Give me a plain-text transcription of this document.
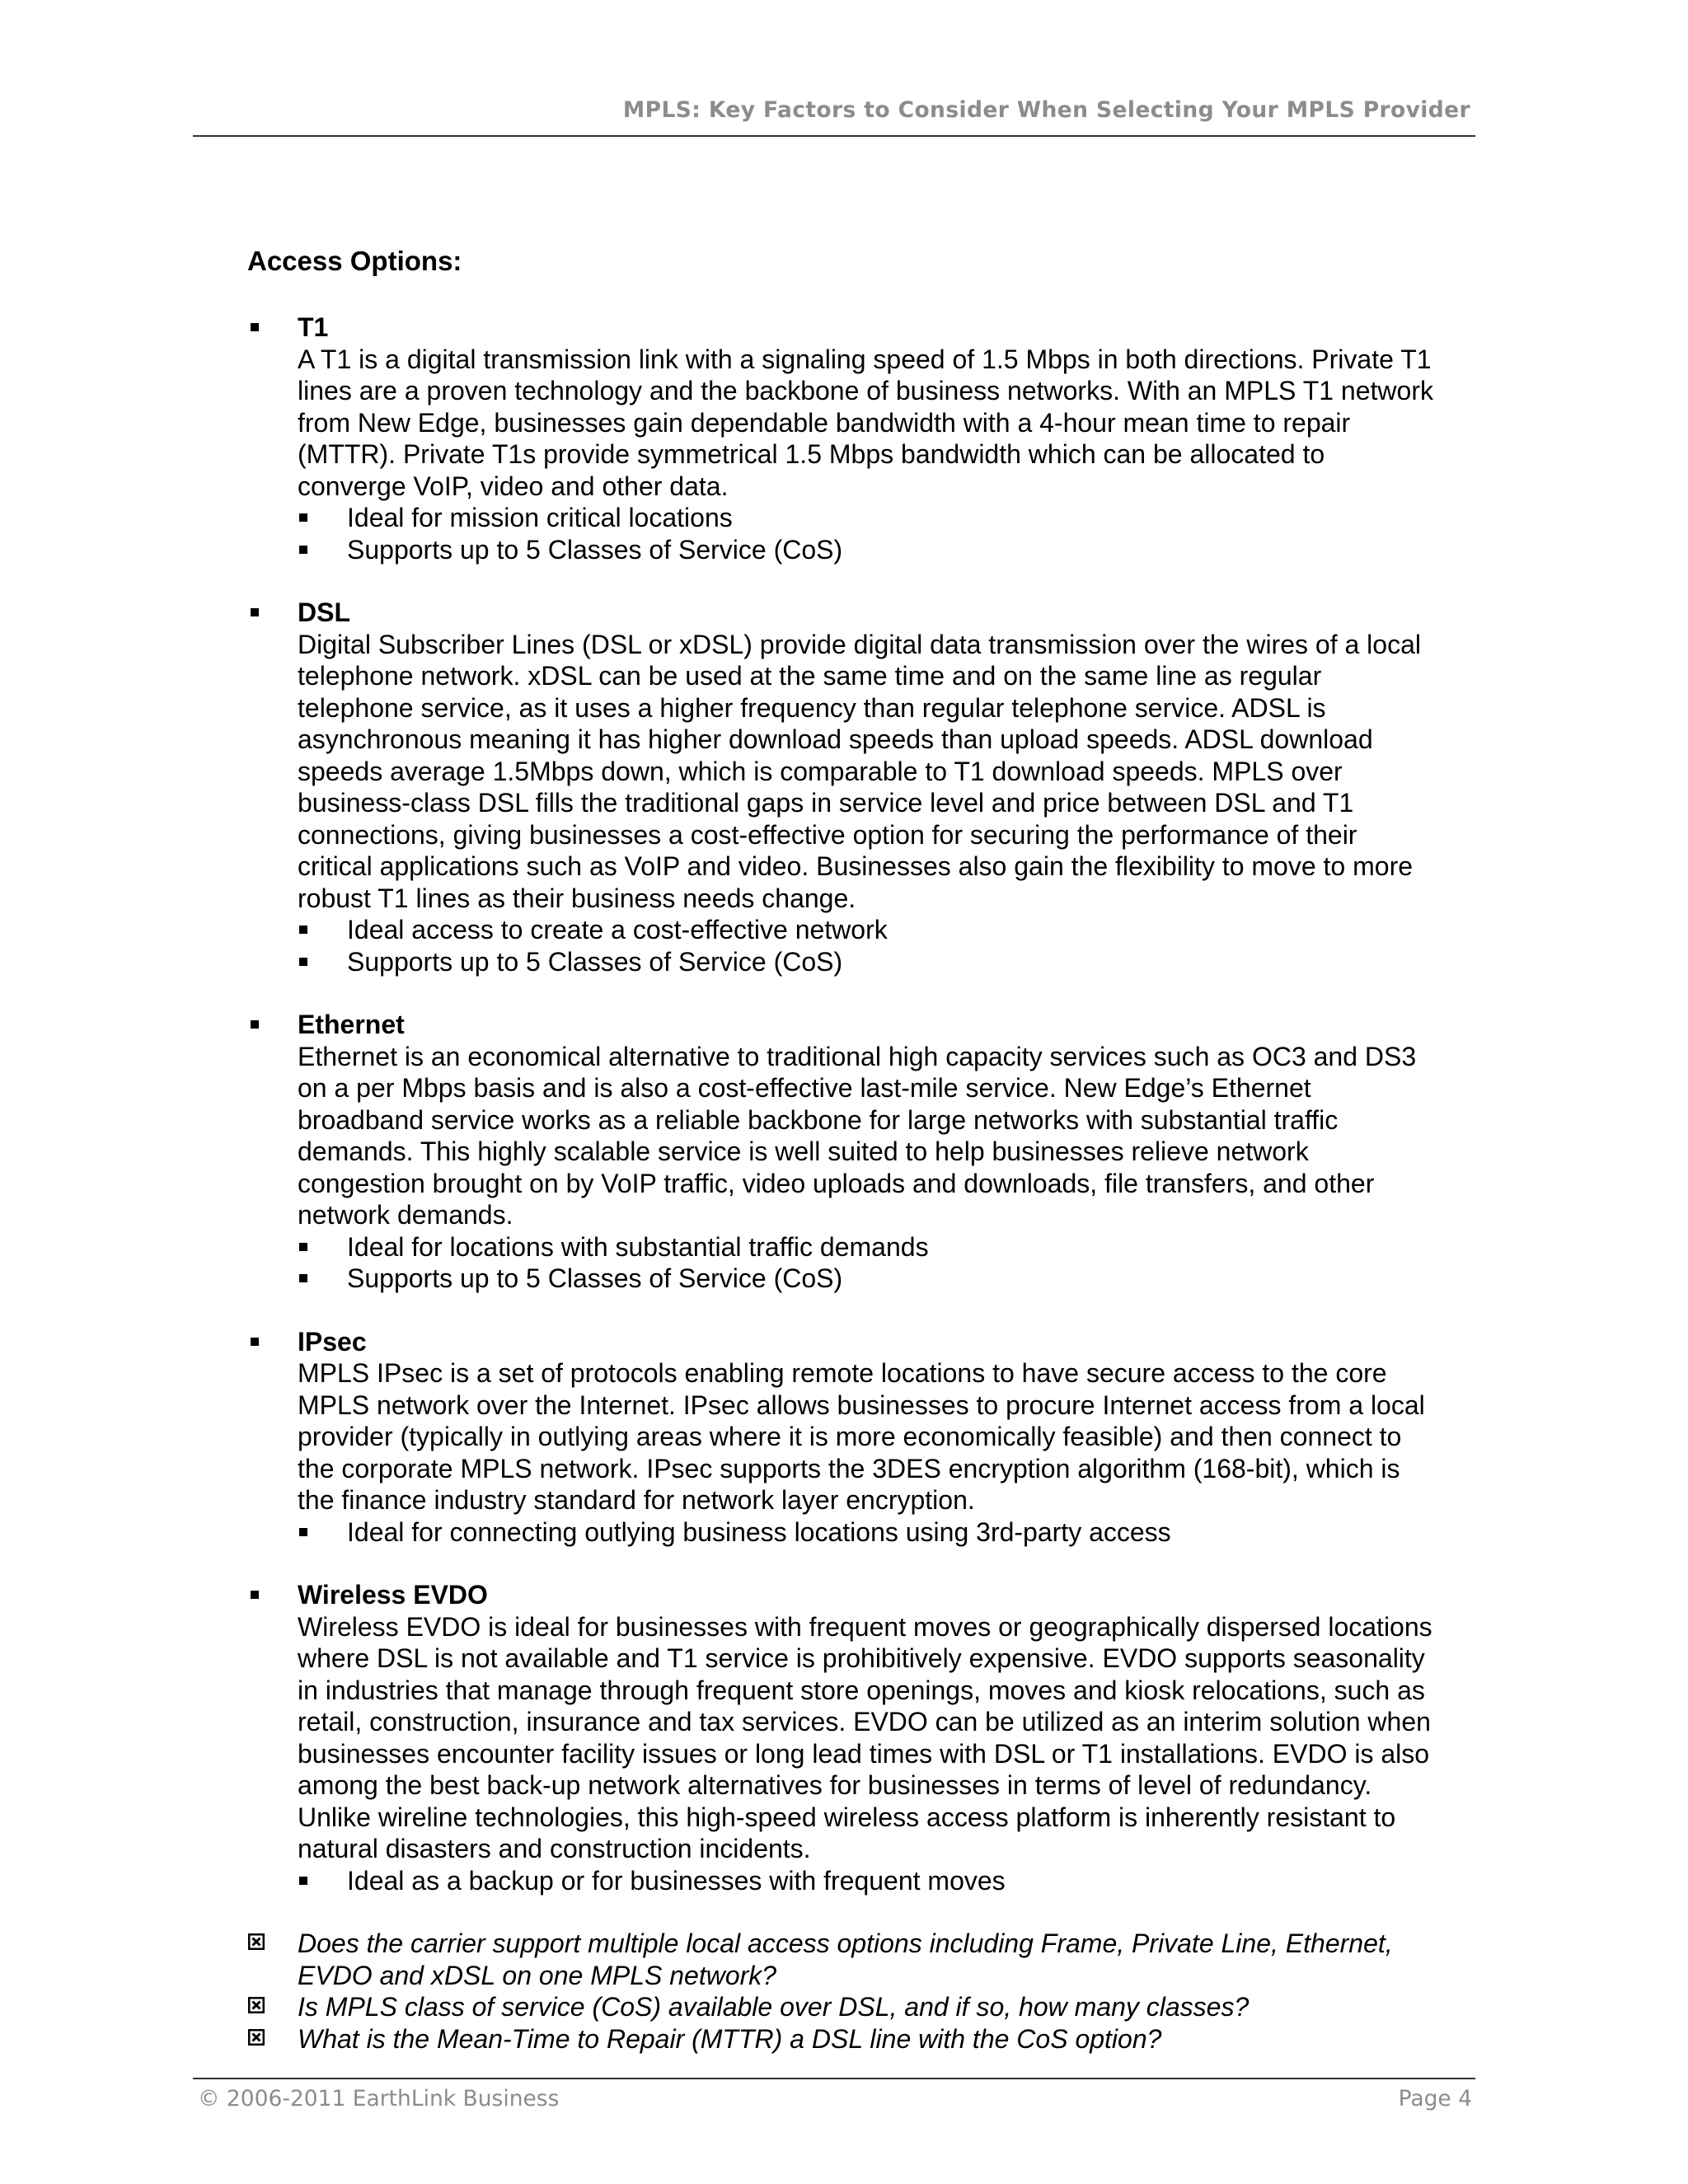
MPLS: Key Factors to Consider When Selecting Your MPLS Provider
Access Options:
T1
A T1 is a digital transmission link with a signaling speed of 1.5 Mbps in both directions. Private T1
lines are a proven technology and the backbone of business networks. With an MPLS T1 network
from New Edge, businesses gain dependable bandwidth with a 4-hour mean time to repair
(MTTR). Private T1s provide symmetrical 1.5 Mbps bandwidth which can be allocated to
converge VoIP, video and other data.
Ideal for mission critical locations
Supports up to 5 Classes of Service (CoS)
DSL
Digital Subscriber Lines (DSL or xDSL) provide digital data transmission over the wires of a local
telephone network. xDSL can be used at the same time and on the same line as regular
telephone service, as it uses a higher frequency than regular telephone service. ADSL is
asynchronous meaning it has higher download speeds than upload speeds. ADSL download
speeds average 1.5Mbps down, which is comparable to T1 download speeds. MPLS over
business-class DSL fills the traditional gaps in service level and price between DSL and T1
connections, giving businesses a cost-effective option for securing the performance of their
critical applications such as VoIP and video. Businesses also gain the flexibility to move to more
robust T1 lines as their business needs change.
Ideal access to create a cost-effective network
Supports up to 5 Classes of Service (CoS)
Ethernet
Ethernet is an economical alternative to traditional high capacity services such as OC3 and DS3
on a per Mbps basis and is also a cost-effective last-mile service. New Edge’s Ethernet
broadband service works as a reliable backbone for large networks with substantial traffic
demands. This highly scalable service is well suited to help businesses relieve network
congestion brought on by VoIP traffic, video uploads and downloads, file transfers, and other
network demands.
Ideal for locations with substantial traffic demands
Supports up to 5 Classes of Service (CoS)
IPsec
MPLS IPsec is a set of protocols enabling remote locations to have secure access to the core
MPLS network over the Internet. IPsec allows businesses to procure Internet access from a local
provider (typically in outlying areas where it is more economically feasible) and then connect to
the corporate MPLS network. IPsec supports the 3DES encryption algorithm (168-bit), which is
the finance industry standard for network layer encryption.
Ideal for connecting outlying business locations using 3rd-party access
Wireless EVDO
Wireless EVDO is ideal for businesses with frequent moves or geographically dispersed locations
where DSL is not available and T1 service is prohibitively expensive. EVDO supports seasonality
in industries that manage through frequent store openings, moves and kiosk relocations, such as
retail, construction, insurance and tax services. EVDO can be utilized as an interim solution when
businesses encounter facility issues or long lead times with DSL or T1 installations. EVDO is also
among the best back-up network alternatives for businesses in terms of level of redundancy.
Unlike wireline technologies, this high-speed wireless access platform is inherently resistant to
natural disasters and construction incidents.
Ideal as a backup or for businesses with frequent moves
Does the carrier support multiple local access options including Frame, Private Line, Ethernet,
EVDO and xDSL on one MPLS network?
Is MPLS class of service (CoS) available over DSL, and if so, how many classes?
What is the Mean-Time to Repair (MTTR) a DSL line with the CoS option?
© 2006-2011 EarthLink Business	Page 4
